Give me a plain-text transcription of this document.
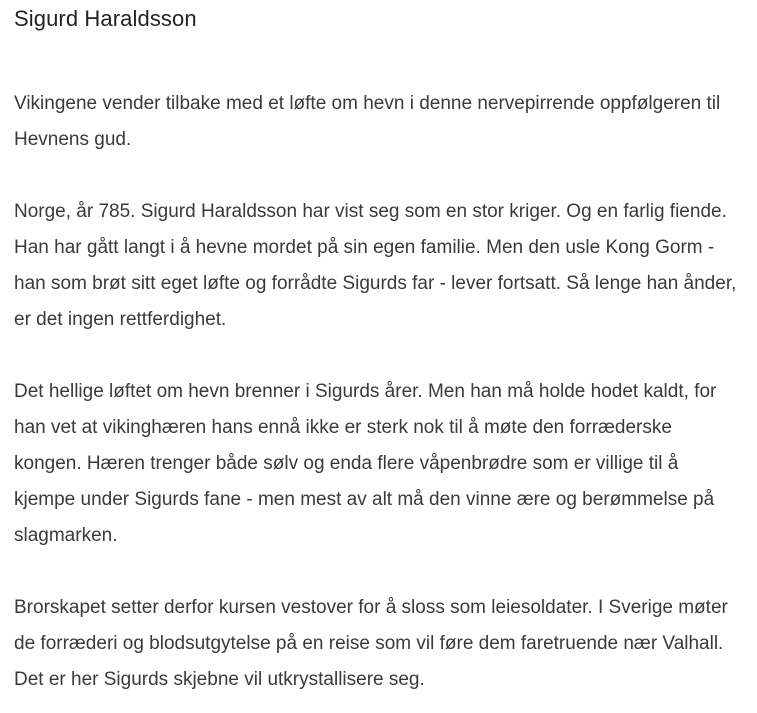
Sigurd Haraldsson

Vikingene vender tilbake med et løfte om hevn i denne nervepirrende oppfølgeren til Hevnens gud.

Norge, år 785. Sigurd Haraldsson har vist seg som en stor kriger. Og en farlig fiende. Han har gått langt i å hevne mordet på sin egen familie. Men den usle Kong Gorm - han som brøt sitt eget løfte og forrådte Sigurds far - lever fortsatt. Så lenge han ånder, er det ingen rettferdighet.

Det hellige løftet om hevn brenner i Sigurds årer. Men han må holde hodet kaldt, for han vet at vikinghæren hans ennå ikke er sterk nok til å møte den forræderske kongen. Hæren trenger både sølv og enda flere våpenbrødre som er villige til å kjempe under Sigurds fane - men mest av alt må den vinne ære og berømmelse på slagmarken.

Brorskapet setter derfor kursen vestover for å sloss som leiesoldater. I Sverige møter de forræderi og blodsutgytelse på en reise som vil føre dem faretruende nær Valhall. Det er her Sigurds skjebne vil utkrystallisere seg.
